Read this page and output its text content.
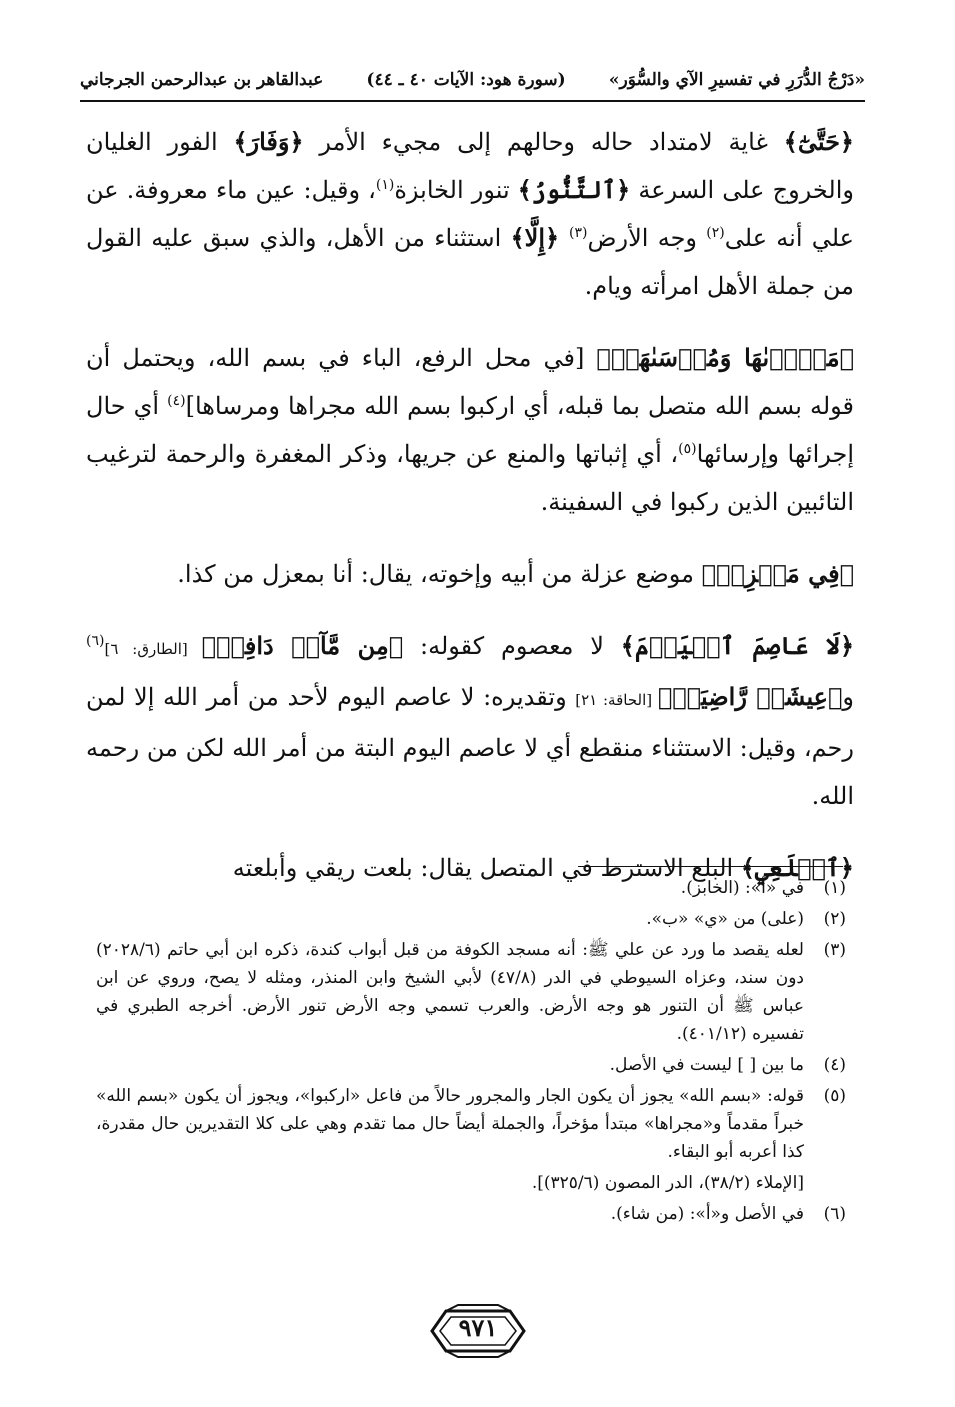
«دَرْجُ الدُّرَرِ في تفسيرِ الآي والسُّوَر»
(سورة هود: الآيات ٤٠ ـ ٤٤)
عبدالقاهر بن عبدالرحمن الجرجاني

﴿حَتَّىٰٓ﴾ غاية لامتداد حاله وحالهم إلى مجيء الأمر ﴿وَفَارَ﴾ الفور الغليان والخروج على السرعة ﴿ٱلتَّنُّورُ﴾ تنور الخابزة$^{(١)}$، وقيل: عين ماء معروفة. عن علي أنه على$^{(٢)}$ وجه الأرض$^{(٣)}$ ﴿إِلَّا﴾ استثناء من الأهل، والذي سبق عليه القول من جملة الأهل امرأته ويام.

﴿مَجۡرٜىٰهَا وَمُرۡسَىٰهَآۚ﴾ [في محل الرفع، الباء في بسم الله، ويحتمل أن قوله بسم الله متصل بما قبله، أي اركبوا بسم الله مجراها ومرساها]$^{(٤)}$ أي حال إجرائها وإرسائها$^{(٥)}$، أي إثباتها والمنع عن جريها، وذكر المغفرة والرحمة لترغيب التائبين الذين ركبوا في السفينة.

﴿فِي مَعۡزِلٖ﴾ موضع عزلة من أبيه وإخوته، يقال: أنا بمعزل من كذا.

﴿لَا عَاصِمَ ٱلۡيَوۡمَ﴾ لا معصوم كقوله: ﴿مِن مَّآءٖ دَافِقٖ﴾ [الطارق: ٦]$^{(٦)}$ و﴿عِيشَةٖ رَّاضِيَةٖ﴾ [الحاقة: ٢١] وتقديره: لا عاصم اليوم لأحد من أمر الله إلا لمن رحم، وقيل: الاستثناء منقطع أي لا عاصم اليوم البتة من أمر الله لكن من رحمه الله.

﴿ٱبۡلَعِي﴾ البلع الاسترط في المتصل يقال: بلعت ريقي وأبلعته

(١)
في «أ»: (الخابز).
(٢)
(على) من «ي» «ب».
(٣)
لعله يقصد ما ورد عن علي ﷺ: أنه مسجد الكوفة من قبل أبواب كندة، ذكره ابن أبي حاتم (٢٠٢٨/٦) دون سند، وعزاه السيوطي في الدر (٤٧/٨) لأبي الشيخ وابن المنذر، ومثله لا يصح، وروي عن ابن عباس ﷺ أن التنور هو وجه الأرض. والعرب تسمي وجه الأرض تنور الأرض. أخرجه الطبري في تفسيره (٤٠١/١٢).
(٤)
ما بين [ ] ليست في الأصل.
(٥)
قوله: «بسم الله» يجوز أن يكون الجار والمجرور حالاً من فاعل «اركبوا»، ويجوز أن يكون «بسم الله» خبراً مقدماً و«مجراها» مبتدأ مؤخراً، والجملة أيضاً حال مما تقدم وهي على كلا التقديرين حال مقدرة، كذا أعربه أبو البقاء.
[الإملاء (٣٨/٢)، الدر المصون (٣٢٥/٦)].
(٦)
في الأصل و«أ»: (من شاء).
٩٧١
